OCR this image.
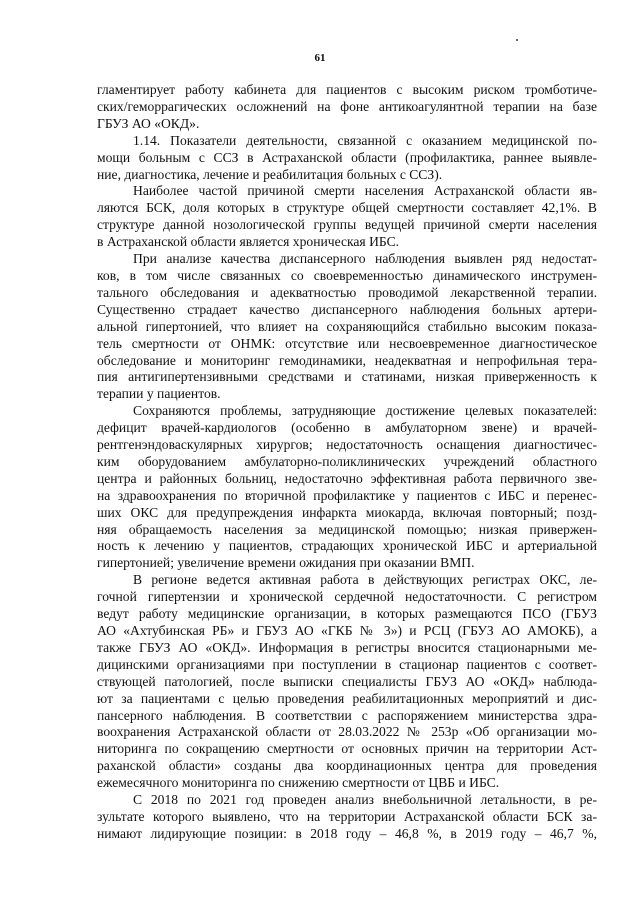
61
гламентирует работу кабинета для пациентов с высоким риском тромботиче-
ских/геморрагических осложнений на фоне антикоагулянтной терапии на базе
ГБУЗ АО «ОКД».
1.14. Показатели деятельности, связанной с оказанием медицинской по-
мощи больным с ССЗ в Астраханской области (профилактика, раннее выявле-
ние, диагностика, лечение и реабилитация больных с ССЗ).
Наиболее частой причиной смерти населения Астраханской области яв-
ляются БСК, доля которых в структуре общей смертности составляет 42,1%. В
структуре данной нозологической группы ведущей причиной смерти населения
в Астраханской области является хроническая ИБС.
При анализе качества диспансерного наблюдения выявлен ряд недостат-
ков, в том числе связанных со своевременностью динамического инструмен-
тального обследования и адекватностью проводимой лекарственной терапии.
Существенно страдает качество диспансерного наблюдения больных артери-
альной гипертонией, что влияет на сохраняющийся стабильно высоким показа-
тель смертности от ОНМК: отсутствие или несвоевременное диагностическое
обследование и мониторинг гемодинамики, неадекватная и непрофильная тера-
пия антигипертензивными средствами и статинами, низкая приверженность к
терапии у пациентов.
Сохраняются проблемы, затрудняющие достижение целевых показателей:
дефицит врачей-кардиологов (особенно в амбулаторном звене) и врачей-
рентгенэндоваскулярных хирургов; недостаточность оснащения диагностичес-
ким оборудованием амбулаторно-поликлинических учреждений областного
центра и районных больниц, недостаточно эффективная работа первичного зве-
на здравоохранения по вторичной профилактике у пациентов с ИБС и перенес-
ших ОКС для предупреждения инфаркта миокарда, включая повторный; позд-
няя обращаемость населения за медицинской помощью; низкая привержен-
ность к лечению у пациентов, страдающих хронической ИБС и артериальной
гипертонией; увеличение времени ожидания при оказании ВМП.
В регионе ведется активная работа в действующих регистрах ОКС, ле-
гочной гипертензии и хронической сердечной недостаточности. С регистром
ведут работу медицинские организации, в которых размещаются ПСО (ГБУЗ
АО «Ахтубинская РБ» и ГБУЗ АО «ГКБ № 3») и РСЦ (ГБУЗ АО АМОКБ), а
также ГБУЗ АО «ОКД». Информация в регистры вносится стационарными ме-
дицинскими организациями при поступлении в стационар пациентов с соответ-
ствующей патологией, после выписки специалисты ГБУЗ АО «ОКД» наблюда-
ют за пациентами с целью проведения реабилитационных мероприятий и дис-
пансерного наблюдения. В соответствии с распоряжением министерства здра-
воохранения Астраханской области от 28.03.2022 № 253р «Об организации мо-
ниторинга по сокращению смертности от основных причин на территории Аст-
раханской области» созданы два координационных центра для проведения
ежемесячного мониторинга по снижению смертности от ЦВБ и ИБС.
С 2018 по 2021 год проведен анализ внебольничной летальности, в ре-
зультате которого выявлено, что на территории Астраханской области БСК за-
нимают лидирующие позиции: в 2018 году – 46,8 %, в 2019 году – 46,7 %,
